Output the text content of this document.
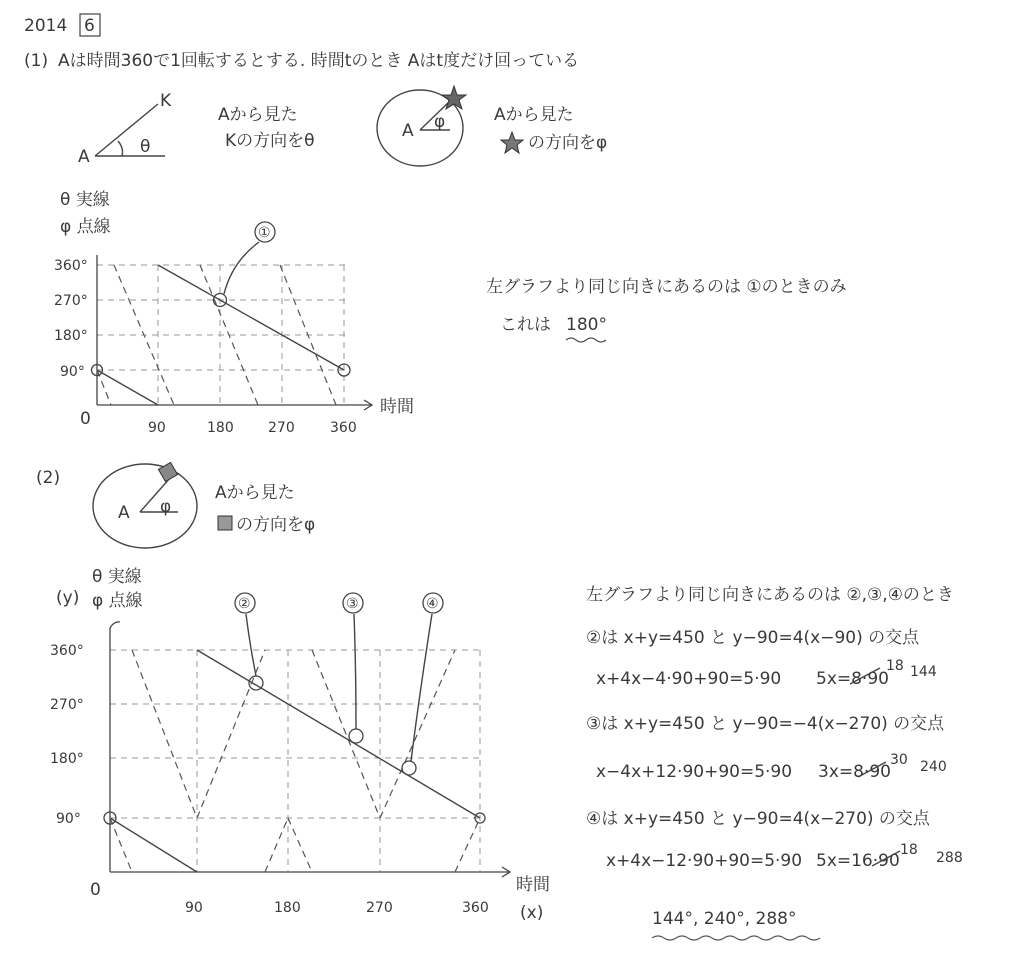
2014 6
(1) Aは時間360で1回転するとする. 時間tのとき Aはt度だけ回っている
K
A	θ
Aから見た
Kの方向をθ	A φ	Aから見た
の方向をφ
θ 実線
φ 点線	①
360°
270°
180°
90°
0	90	180 270	360
時間
左グラフより同じ向きにあるのは ①のときのみ
これは 180°
(2)
A φ
Aから見た
の方向をφ
θ 実線
(y) φ 点線	②	③	④
360°
270°
180°
90°
0
90	180	270	360
時間
(x)
左グラフより同じ向きにあるのは ②,③,④のとき
②は x+y=450 と y−90=4(x−90) の交点
x+4x−4·90+90=5·90 5x=8·90
18 144
③は x+y=450 と y−90=−4(x−270) の交点
x−4x+12·90+90=5·90 3x=8·90
30 240
④は x+y=450 と y−90=4(x−270) の交点
x+4x−12·90+90=5·90 5x=16·90
18 288
144°, 240°, 288°
